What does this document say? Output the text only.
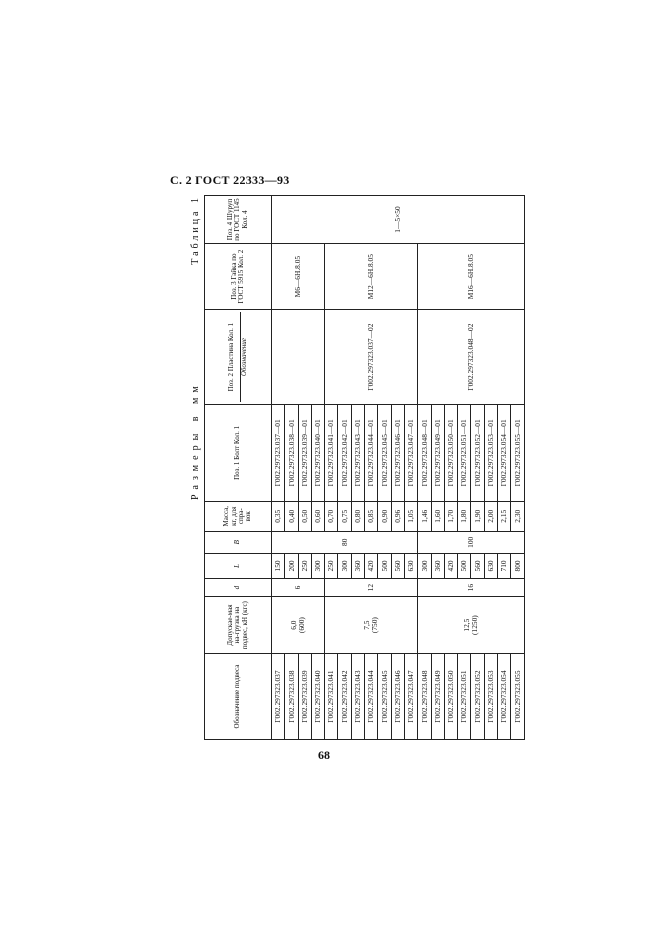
С. 2 ГОСТ 22333—93
Размеры в мм
Таблица 1
Обозначение подвеса	Допускае-мая на-грузка на подвес, кН (кгс)	d	L	B	Масса, кг, для спра-вок	Поз. 1 Болт Кол. 1	Поз. 2 Пластина Кол. 1 Обозначение	Поз. 3 Гайка по ГОСТ 5915 Кол. 2	Поз. 4 Шуруп по ГОСТ 1145 Кол. 4
Г002.297323.037	6,0
(600)	6	150	80	0,35	Г002.297323.037—01		М6—6Н.8.05	1—5×50
Г002.297323.038			200		0,40	Г002.297323.038—01			
Г002.297323.039			250		0,50	Г002.297323.039—01			
Г002.297323.040			300		0,60	Г002.297323.040—01			
Г002.297323.041	7,5
(750)	12	250		0,70	Г002.297323.041—01	Г002.297323.037—02	М12—6Н.8.05	
Г002.297323.042			300		0,75	Г002.297323.042—01			
Г002.297323.043			360		0,80	Г002.297323.043—01			
Г002.297323.044			420		0,85	Г002.297323.044—01			
Г002.297323.045			500		0,90	Г002.297323.045—01			
Г002.297323.046			560		0,96	Г002.297323.046—01			
Г002.297323.047			630		1,05	Г002.297323.047—01			
Г002.297323.048	12,5
(1250)	16	300	100	1,46	Г002.297323.048—01	Г002.297323.048—02	М16—6Н.8.05	
Г002.297323.049			360		1,60	Г002.297323.049—01			
Г002.297323.050			420		1,70	Г002.297323.050—01			
Г002.297323.051			500		1,80	Г002.297323.051—01			
Г002.297323.052			560		1,90	Г002.297323.052—01			
Г002.297323.053			630		2,00	Г002.297323.053—01			
Г002.297323.054			710		2,15	Г002.297323.054—01			
Г002.297323.055			800		2,30	Г002.297323.055—01			
68
